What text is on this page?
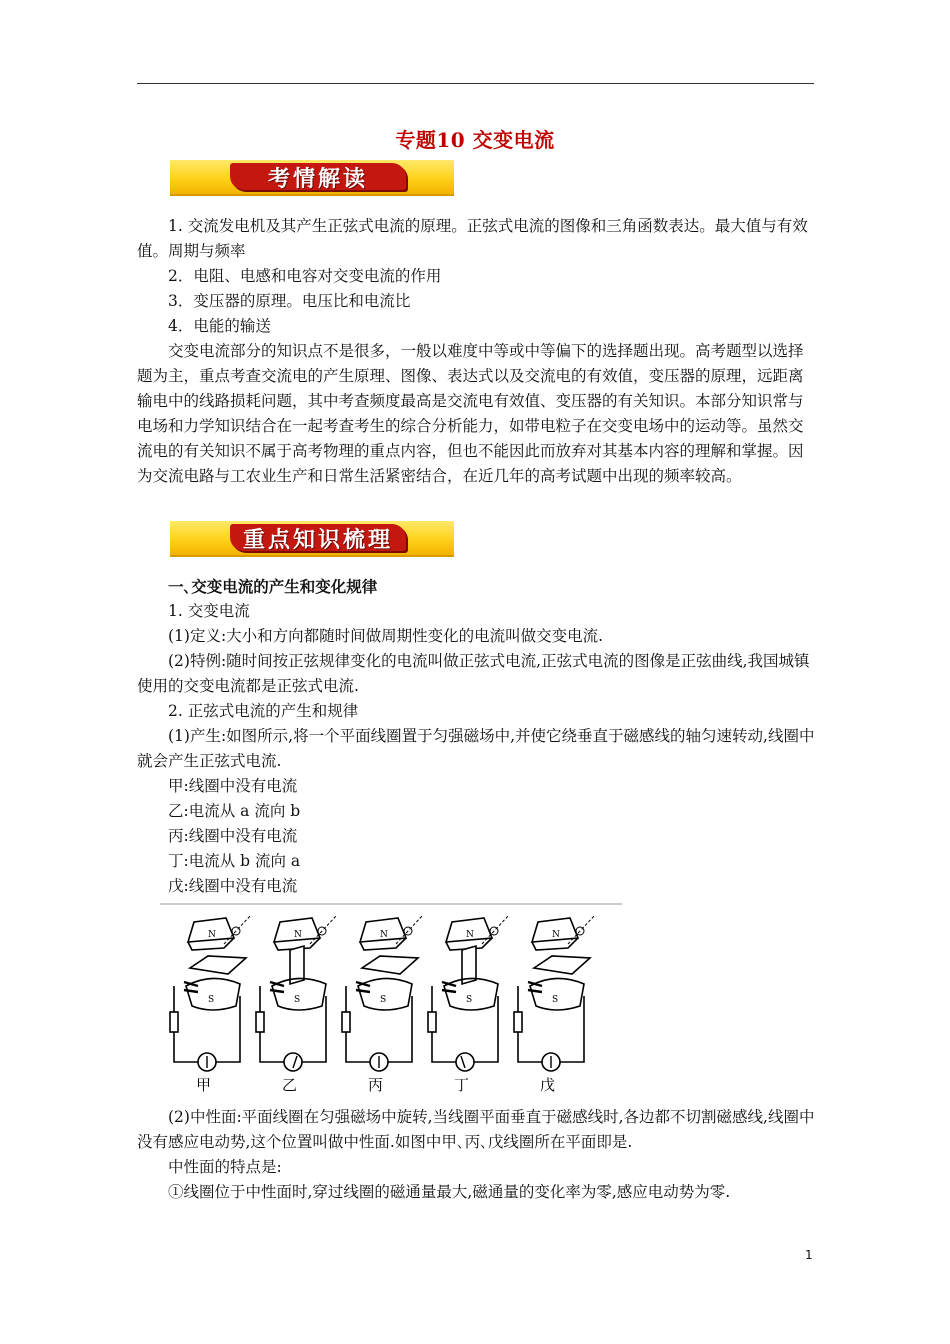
专题10 交变电流
考情解读

1. 交流发电机及其产生正弦式电流的原理。正弦式电流的图像和三角函数表达。最大值与有效值。周期与频率

2．电阻、电感和电容对交变电流的作用

3．变压器的原理。电压比和电流比

4．电能的输送

交变电流部分的知识点不是很多，一般以难度中等或中等偏下的选择题出现。高考题型以选择题为主，重点考查交流电的产生原理、图像、表达式以及交流电的有效值，变压器的原理，远距离输电中的线路损耗问题，其中考查频度最高是交流电有效值、变压器的有关知识。本部分知识常与电场和力学知识结合在一起考查考生的综合分析能力，如带电粒子在交变电场中的运动等。虽然交流电的有关知识不属于高考物理的重点内容，但也不能因此而放弃对其基本内容的理解和掌握。因为交流电路与工农业生产和日常生活紧密结合，在近几年的高考试题中出现的频率较高。

重点知识梳理

一､交变电流的产生和变化规律

1. 交变电流

(1)定义:大小和方向都随时间做周期性变化的电流叫做交变电流.

(2)特例:随时间按正弦规律变化的电流叫做正弦式电流,正弦式电流的图像是正弦曲线,我国城镇使用的交变电流都是正弦式电流.

2. 正弦式电流的产生和规律

(1)产生:如图所示,将一个平面线圈置于匀强磁场中,并使它绕垂直于磁感线的轴匀速转动,线圈中就会产生正弦式电流.

甲:线圈中没有电流

乙:电流从 a 流向 b

丙:线圈中没有电流

丁:电流从 b 流向 a

戊:线圈中没有电流

N
S
N
S
N
S
N
S
N
S
甲	乙	丙	丁	戊

(2)中性面:平面线圈在匀强磁场中旋转,当线圈平面垂直于磁感线时,各边都不切割磁感线,线圈中没有感应电动势,这个位置叫做中性面.如图中甲､丙､戊线圈所在平面即是.

中性面的特点是:

①线圈位于中性面时,穿过线圈的磁通量最大,磁通量的变化率为零,感应电动势为零.

1
